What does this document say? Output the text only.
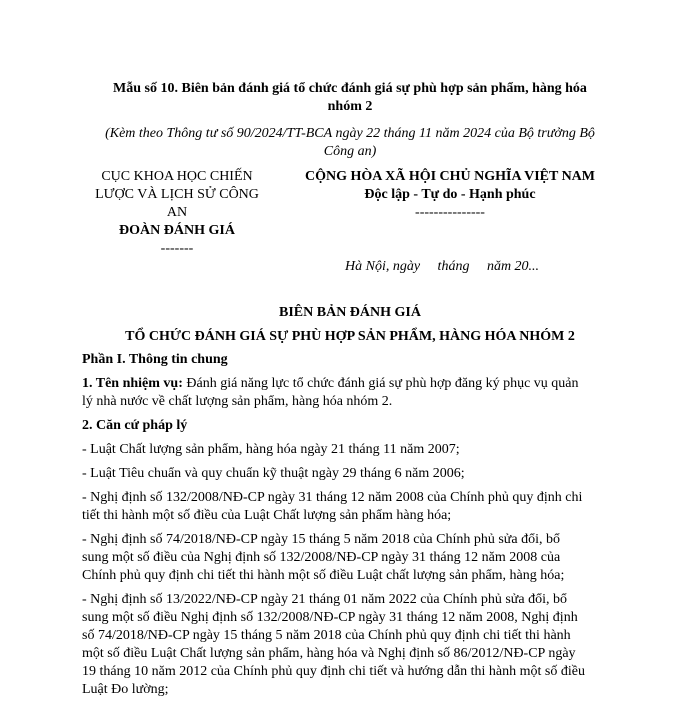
Mẫu số 10. Biên bản đánh giá tổ chức đánh giá sự phù hợp sản phẩm, hàng hóa
nhóm 2
(Kèm theo Thông tư số 90/2024/TT-BCA ngày 22 tháng 11 năm 2024 của Bộ trưởng Bộ
Công an)
CỤC KHOA HỌC CHIẾN
LƯỢC VÀ LỊCH SỬ CÔNG
AN
ĐOÀN ĐÁNH GIÁ
-------
CỘNG HÒA XÃ HỘI CHỦ NGHĨA VIỆT NAM
Độc lập - Tự do - Hạnh phúc
---------------
Hà Nội, ngày     tháng     năm 20...
BIÊN BẢN ĐÁNH GIÁ
TỔ CHỨC ĐÁNH GIÁ SỰ PHÙ HỢP SẢN PHẨM, HÀNG HÓA NHÓM 2

Phần I. Thông tin chung

1. Tên nhiệm vụ: Đánh giá năng lực tổ chức đánh giá sự phù hợp đăng ký phục vụ quản
lý nhà nước về chất lượng sản phẩm, hàng hóa nhóm 2.

2. Căn cứ pháp lý

- Luật Chất lượng sản phẩm, hàng hóa ngày 21 tháng 11 năm 2007;

- Luật Tiêu chuẩn và quy chuẩn kỹ thuật ngày 29 tháng 6 năm 2006;

- Nghị định số 132/2008/NĐ-CP ngày 31 tháng 12 năm 2008 của Chính phủ quy định chi
tiết thi hành một số điều của Luật Chất lượng sản phẩm hàng hóa;

- Nghị định số 74/2018/NĐ-CP ngày 15 tháng 5 năm 2018 của Chính phủ sửa đổi, bổ
sung một số điều của Nghị định số 132/2008/NĐ-CP ngày 31 tháng 12 năm 2008 của
Chính phủ quy định chi tiết thi hành một số điều Luật chất lượng sản phẩm, hàng hóa;

- Nghị định số 13/2022/NĐ-CP ngày 21 tháng 01 năm 2022 của Chính phủ sửa đổi, bổ
sung một số điều Nghị định số 132/2008/NĐ-CP ngày 31 tháng 12 năm 2008, Nghị định
số 74/2018/NĐ-CP ngày 15 tháng 5 năm 2018 của Chính phủ quy định chi tiết thi hành
một số điều Luật Chất lượng sản phẩm, hàng hóa và Nghị định số 86/2012/NĐ-CP ngày
19 tháng 10 năm 2012 của Chính phủ quy định chi tiết và hướng dẫn thi hành một số điều
Luật Đo lường;
